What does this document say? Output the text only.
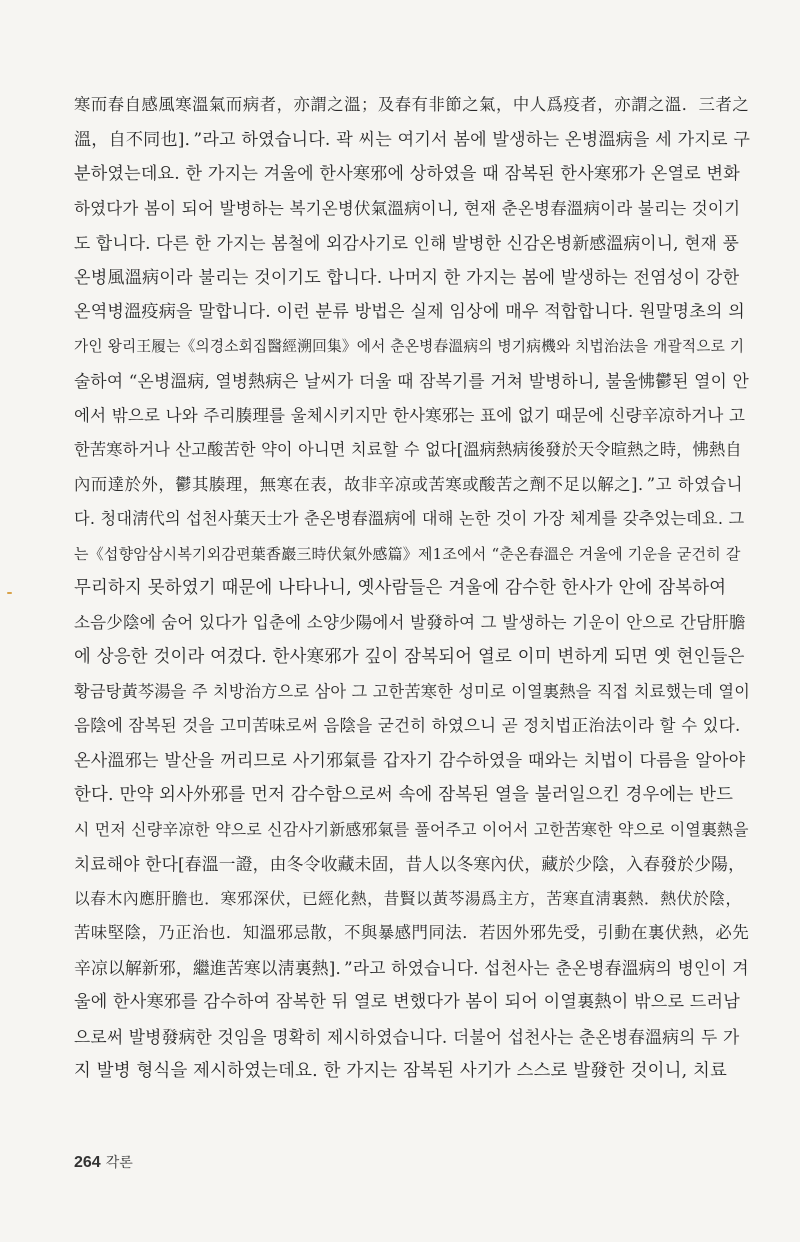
寒而春自感風寒溫氣而病者，亦謂之溫；及春有非節之氣，中人爲疫者，亦謂之溫．三者之
溫，自不同也]．”라고 하였습니다. 곽 씨는 여기서 봄에 발생하는 온병溫病을 세 가지로 구
분하였는데요. 한 가지는 겨울에 한사寒邪에 상하였을 때 잠복된 한사寒邪가 온열로 변화
하였다가 봄이 되어 발병하는 복기온병伏氣溫病이니, 현재 춘온병春溫病이라 불리는 것이기
도 합니다. 다른 한 가지는 봄철에 외감사기로 인해 발병한 신감온병新感溫病이니, 현재 풍
온병風溫病이라 불리는 것이기도 합니다. 나머지 한 가지는 봄에 발생하는 전염성이 강한
온역병溫疫病을 말합니다. 이런 분류 방법은 실제 임상에 매우 적합합니다. 원말명초의 의
가인 왕리王履는《의경소회집醫經溯回集》에서 춘온병春溫病의 병기病機와 치법治法을 개괄적으로 기
술하여 “온병溫病, 열병熱病은 날씨가 더울 때 잠복기를 거쳐 발병하니, 불울怫鬱된 열이 안
에서 밖으로 나와 주리腠理를 울체시키지만 한사寒邪는 표에 없기 때문에 신량辛凉하거나 고
한苦寒하거나 산고酸苦한 약이 아니면 치료할 수 없다[溫病熱病後發於天令暄熱之時，怫熱自
內而達於外，鬱其腠理，無寒在表，故非辛凉或苦寒或酸苦之劑不足以解之]．”고 하였습니
다. 청대淸代의 섭천사葉天士가 춘온병春溫病에 대해 논한 것이 가장 체계를 갖추었는데요. 그
는《섭향암삼시복기외감편葉香巖三時伏氣外感篇》제1조에서 “춘온春溫은 겨울에 기운을 굳건히 갈
무리하지 못하였기 때문에 나타나니, 옛사람들은 겨울에 감수한 한사가 안에 잠복하여
소음少陰에 숨어 있다가 입춘에 소양少陽에서 발發하여 그 발생하는 기운이 안으로 간담肝膽
에 상응한 것이라 여겼다. 한사寒邪가 깊이 잠복되어 열로 이미 변하게 되면 옛 현인들은
황금탕黃芩湯을 주 치방治方으로 삼아 그 고한苦寒한 성미로 이열裏熱을 직접 치료했는데 열이
음陰에 잠복된 것을 고미苦味로써 음陰을 굳건히 하였으니 곧 정치법正治法이라 할 수 있다.
온사溫邪는 발산을 꺼리므로 사기邪氣를 갑자기 감수하였을 때와는 치법이 다름을 알아야
한다. 만약 외사外邪를 먼저 감수함으로써 속에 잠복된 열을 불러일으킨 경우에는 반드
시 먼저 신량辛凉한 약으로 신감사기新感邪氣를 풀어주고 이어서 고한苦寒한 약으로 이열裏熱을
치료해야 한다[春溫一證，由冬令收藏未固，昔人以冬寒內伏，藏於少陰，入春發於少陽，
以春木內應肝膽也．寒邪深伏，已經化熱，昔賢以黃芩湯爲主方，苦寒直淸裏熱．熱伏於陰，
苦味堅陰，乃正治也．知溫邪忌散，不與暴感門同法．若因外邪先受，引動在裏伏熱，必先
辛凉以解新邪，繼進苦寒以淸裏熱]．”라고 하였습니다. 섭천사는 춘온병春溫病의 병인이 겨
울에 한사寒邪를 감수하여 잠복한 뒤 열로 변했다가 봄이 되어 이열裏熱이 밖으로 드러남
으로써 발병發病한 것임을 명확히 제시하였습니다. 더불어 섭천사는 춘온병春溫病의 두 가
지 발병 형식을 제시하였는데요. 한 가지는 잠복된 사기가 스스로 발發한 것이니, 치료
264 각론
